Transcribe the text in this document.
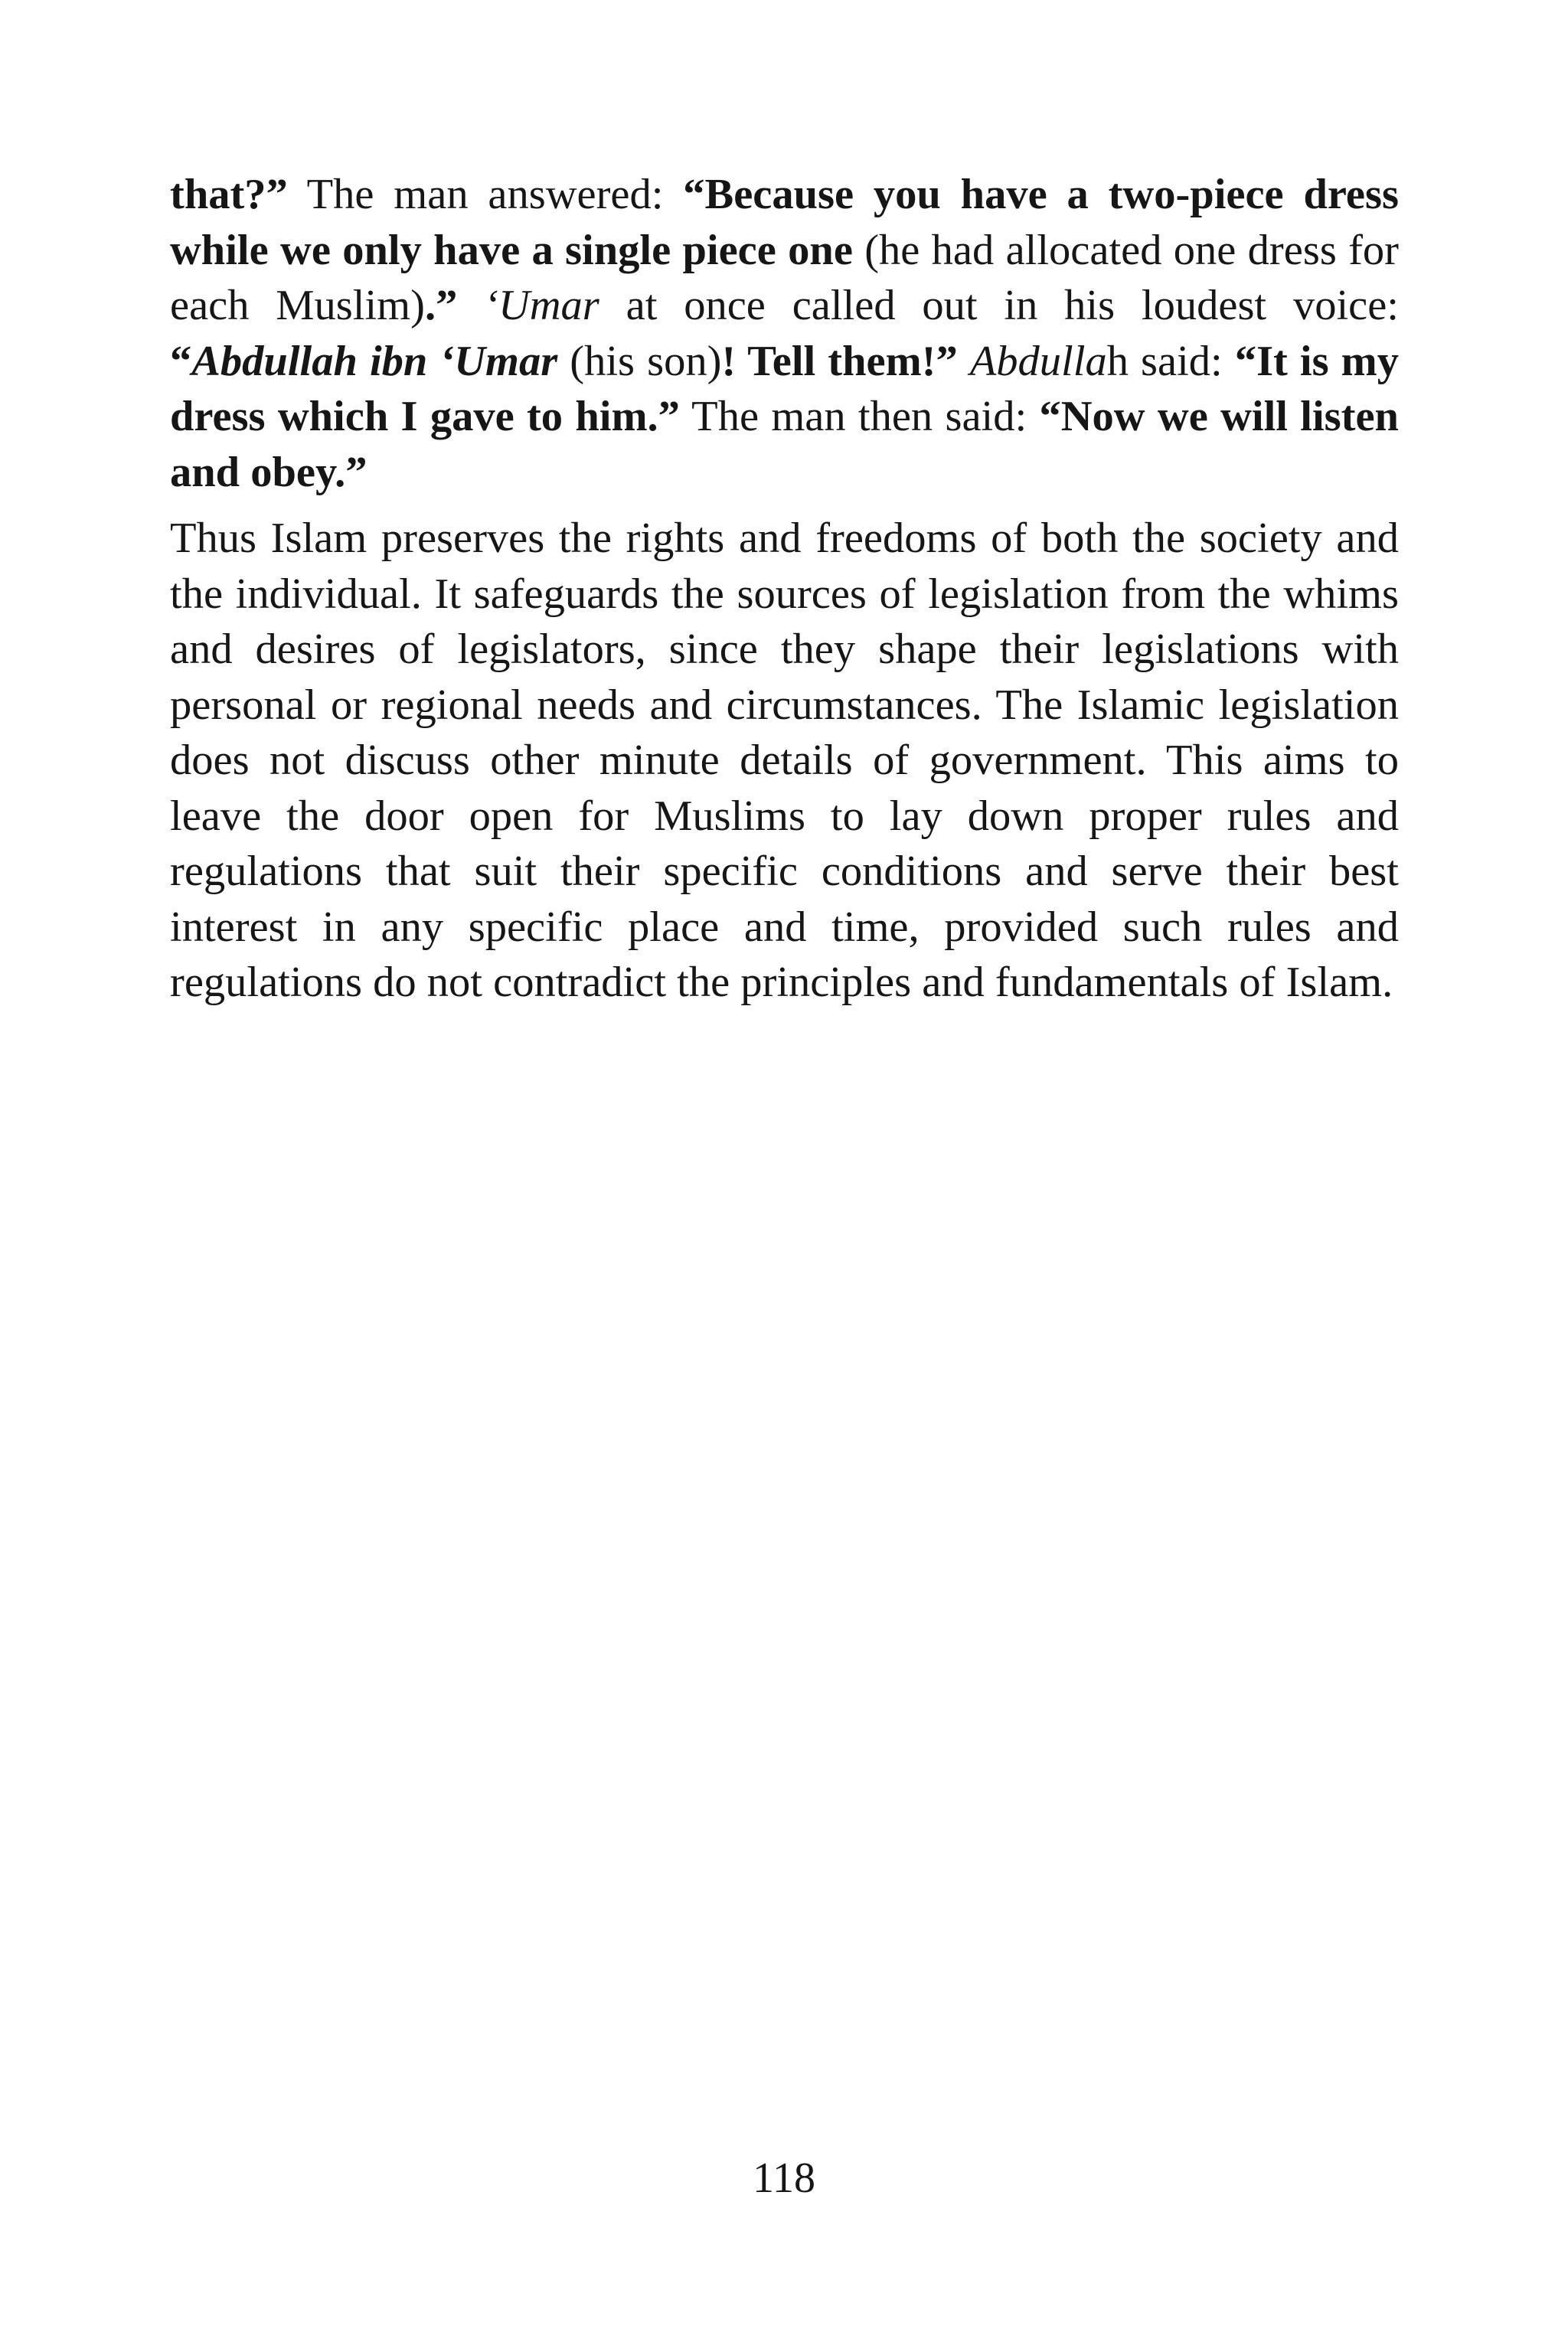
that?” The man answered: “Because you have a two-piece dress while we only have a single piece one (he had allocated one dress for each Muslim).” ‘Umar at once called out in his loudest voice: “Abdullah ibn ‘Umar (his son)! Tell them!” Abdullah said: “It is my dress which I gave to him.” The man then said: “Now we will listen and obey.”

Thus Islam preserves the rights and freedoms of both the society and the individual. It safeguards the sources of legislation from the whims and desires of legislators, since they shape their legislations with personal or regional needs and circumstances. The Islamic legislation does not discuss other minute details of government. This aims to leave the door open for Muslims to lay down proper rules and regulations that suit their specific conditions and serve their best interest in any specific place and time, provided such rules and regulations do not contradict the principles and fundamentals of Islam.

118
